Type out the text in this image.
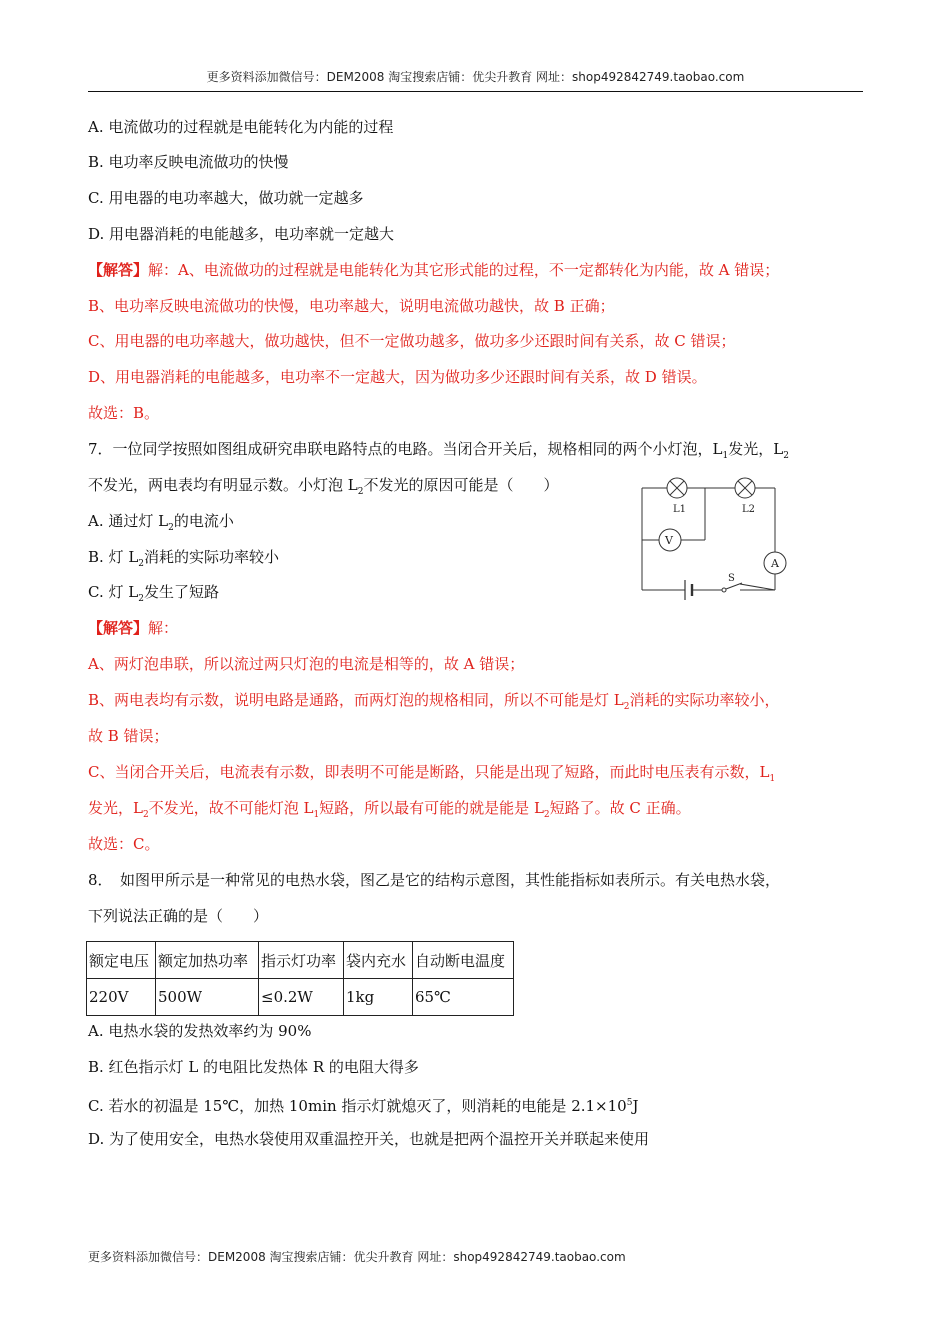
更多资料添加微信号：DEM2008 淘宝搜索店铺：优尖升教育 网址：shop492842749.taobao.com
A. 电流做功的过程就是电能转化为内能的过程
B. 电功率反映电流做功的快慢
C. 用电器的电功率越大，做功就一定越多
D. 用电器消耗的电能越多，电功率就一定越大
【解答】解：A、电流做功的过程就是电能转化为其它形式能的过程，不一定都转化为内能，故 A 错误；
B、电功率反映电流做功的快慢，电功率越大，说明电流做功越快，故 B 正确；
C、用电器的电功率越大，做功越快，但不一定做功越多，做功多少还跟时间有关系，故 C 错误；
D、用电器消耗的电能越多，电功率不一定越大，因为做功多少还跟时间有关系，故 D 错误。
故选：B。
7．一位同学按照如图组成研究串联电路特点的电路。当闭合开关后，规格相同的两个小灯泡，$L_1$发光，$L_2$
不发光，两电表均有明显示数。小灯泡 $L_2$不发光的原因可能是（　　）
A. 通过灯 $L_2$的电流小
B. 灯 $L_2$消耗的实际功率较小
C. 灯 $L_2$发生了短路
L1	L2
V
A
S
【解答】解：
A、两灯泡串联，所以流过两只灯泡的电流是相等的，故 A 错误；
B、两电表均有示数，说明电路是通路，而两灯泡的规格相同，所以不可能是灯 $L_2$消耗的实际功率较小，
故 B 错误；
C、当闭合开关后，电流表有示数，即表明不可能是断路，只能是出现了短路，而此时电压表有示数，$L_1$
发光，$L_2$不发光，故不可能灯泡 $L_1$短路，所以最有可能的就是能是 $L_2$短路了。故 C 正确。
故选：C。
8．　如图甲所示是一种常见的电热水袋，图乙是它的结构示意图，其性能指标如表所示。有关电热水袋，
下列说法正确的是（　　）
额定电压	额定加热功率	指示灯功率	袋内充水	自动断电温度
220V	500W	≤0.2W	1kg	65℃
A. 电热水袋的发热效率约为 90%
B. 红色指示灯 L 的电阻比发热体 R 的电阻大得多
C. 若水的初温是 15℃，加热 10min 指示灯就熄灭了，则消耗的电能是 $2.1\times 10^5J$
D. 为了使用安全，电热水袋使用双重温控开关，也就是把两个温控开关并联起来使用
更多资料添加微信号：DEM2008 淘宝搜索店铺：优尖升教育 网址：shop492842749.taobao.com
